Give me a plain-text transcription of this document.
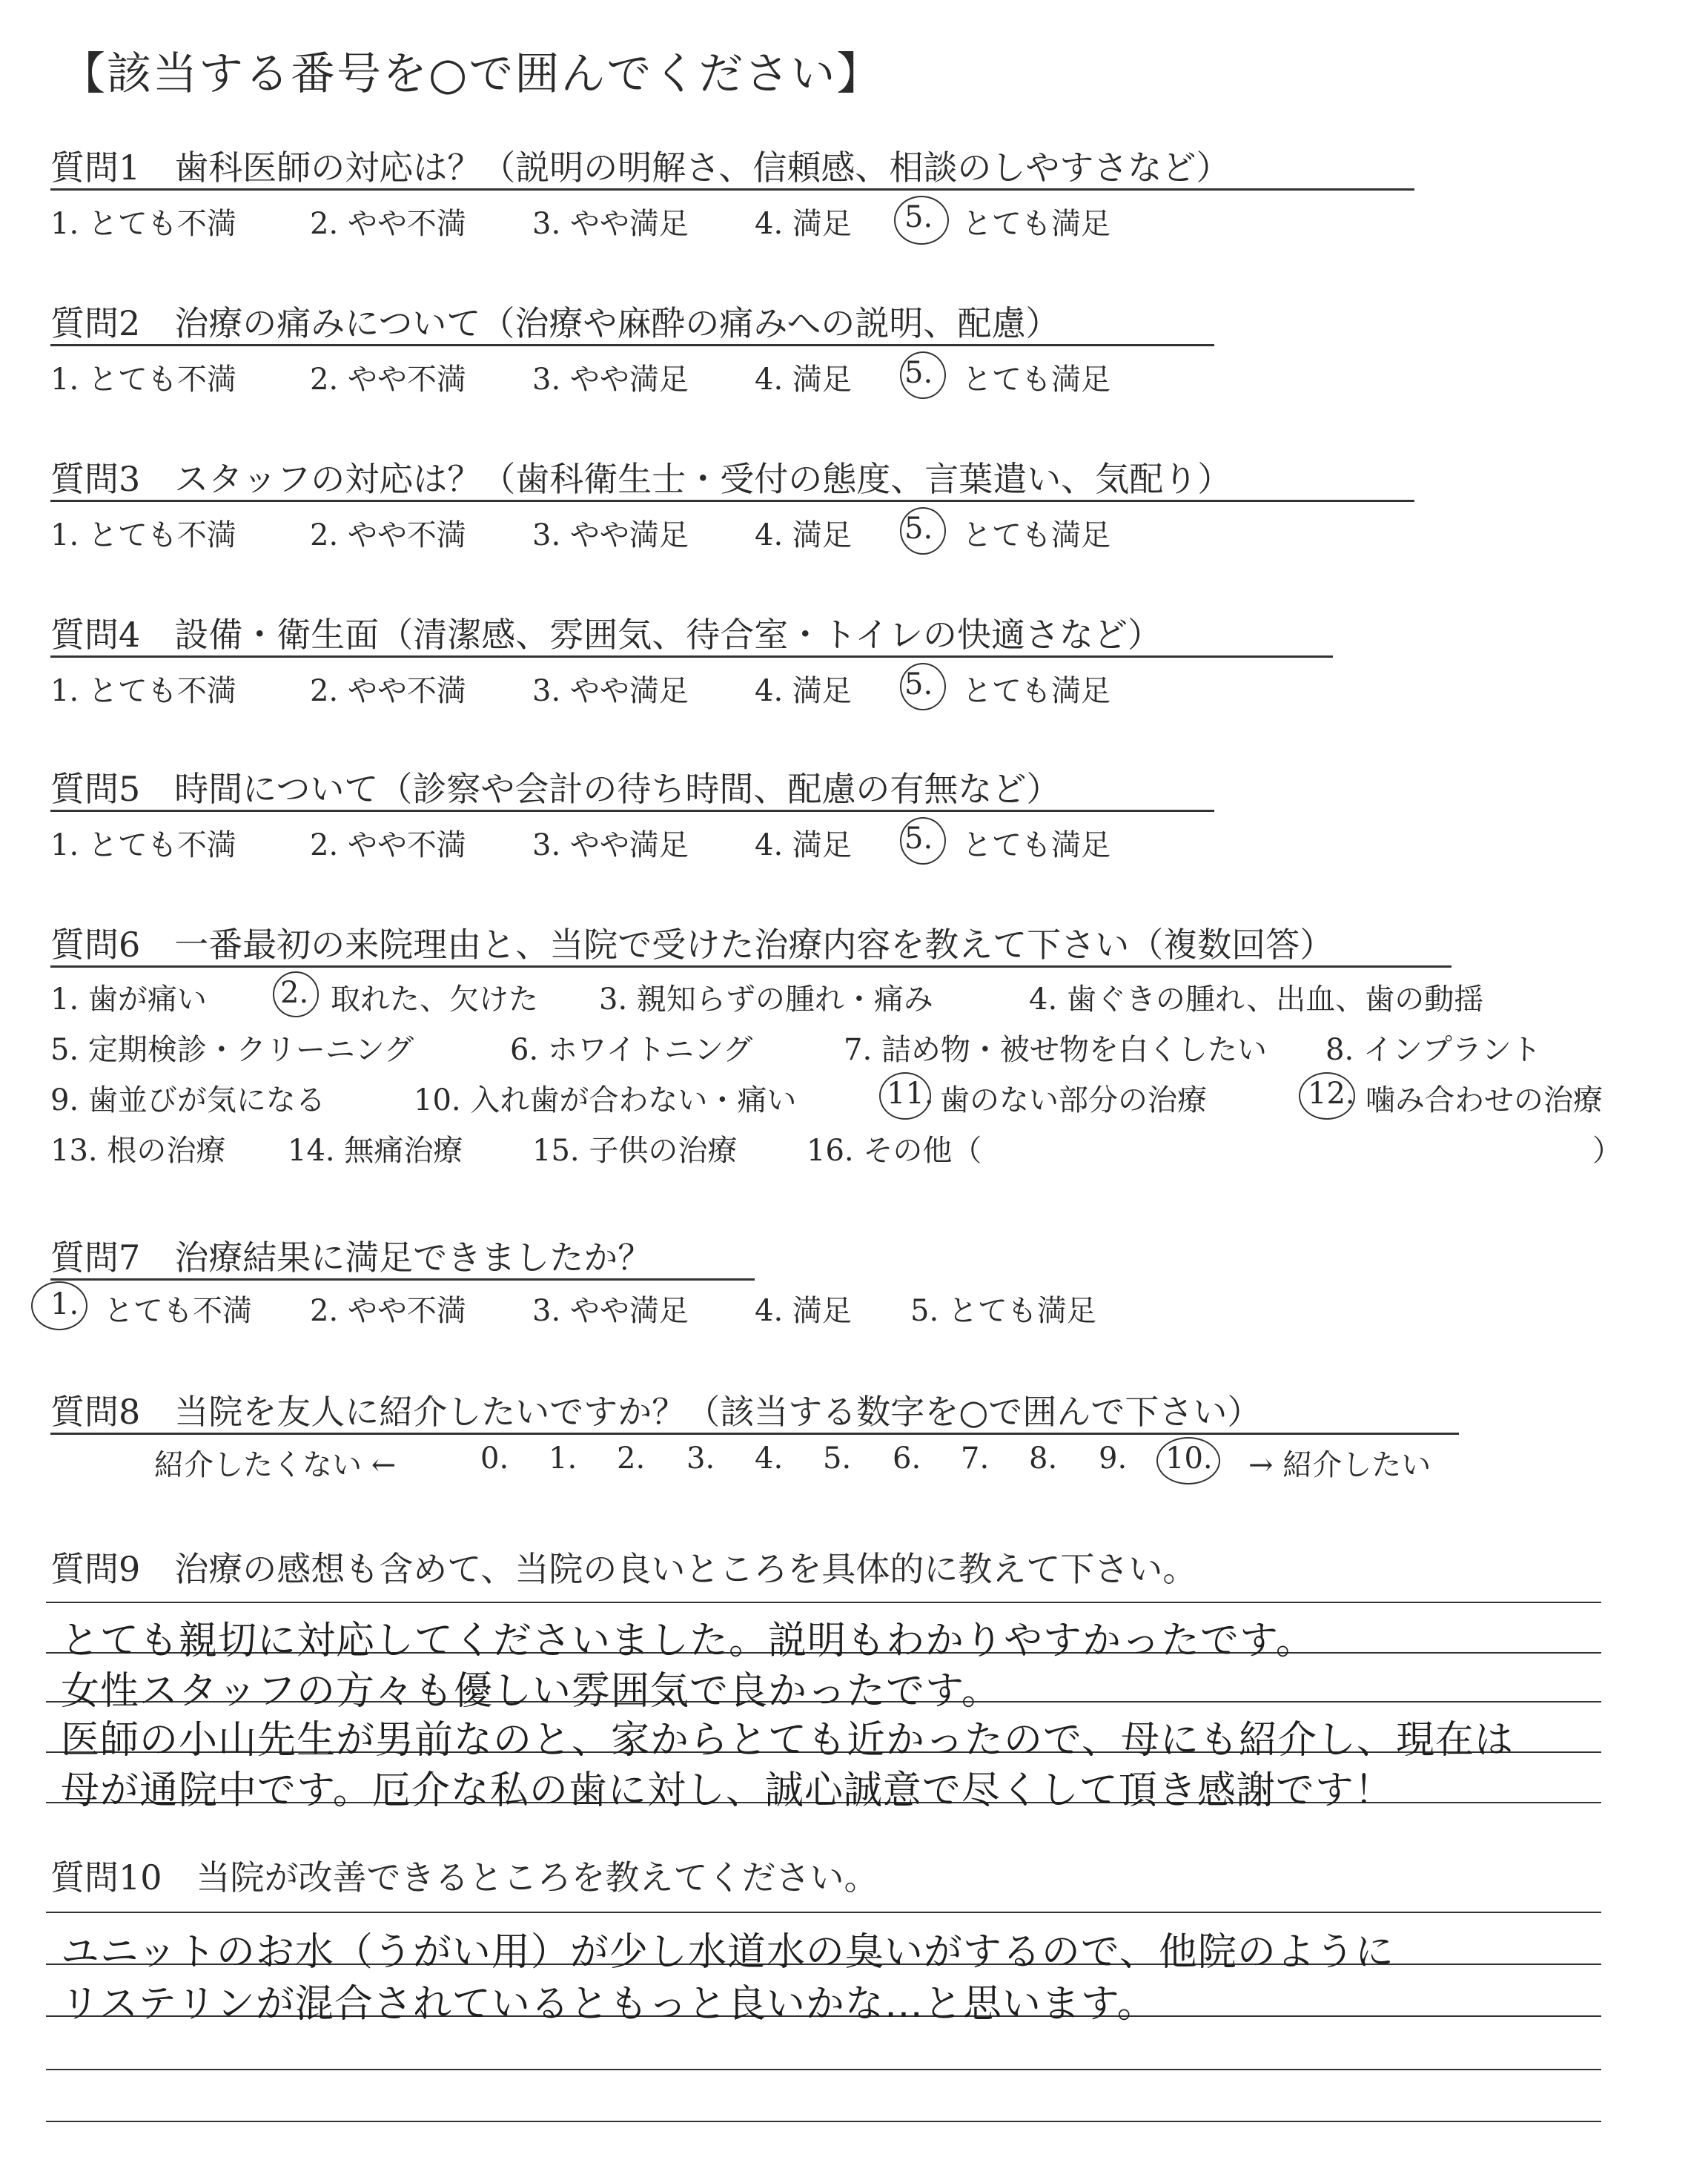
【該当する番号を○で囲んでください】
質問1　歯科医師の対応は？（説明の明解さ、信頼感、相談のしやすさなど）
1. とても不満 2. やや不満 3. やや満足 4. 満足 5. とても満足
質問2　治療の痛みについて（治療や麻酔の痛みへの説明、配慮）
1. とても不満 2. やや不満 3. やや満足 4. 満足 5. とても満足
質問3　スタッフの対応は？（歯科衛生士・受付の態度、言葉遣い、気配り）
1. とても不満 2. やや不満 3. やや満足 4. 満足 5. とても満足
質問4　設備・衛生面（清潔感、雰囲気、待合室・トイレの快適さなど）
1. とても不満 2. やや不満 3. やや満足 4. 満足 5. とても満足
質問5　時間について（診察や会計の待ち時間、配慮の有無など）
1. とても不満 2. やや不満 3. やや満足 4. 満足 5. とても満足
質問6　一番最初の来院理由と、当院で受けた治療内容を教えて下さい（複数回答）
1. 歯が痛い 2. 取れた、欠けた 3. 親知らずの腫れ・痛み	4. 歯ぐきの腫れ、出血、歯の動揺
5. 定期検診・クリーニング	6. ホワイトニング	7. 詰め物・被せ物を白くしたい 8. インプラント
9. 歯並びが気になる	10. 入れ歯が合わない・痛い	11. 歯のない部分の治療	12. 噛み合わせの治療
13. 根の治療 14. 無痛治療 15. 子供の治療 16. その他（	）
質問7　治療結果に満足できましたか？
1. とても不満 2. やや不満 3. やや満足 4. 満足 5. とても満足
質問8　当院を友人に紹介したいですか？（該当する数字を○で囲んで下さい）
紹介したくない ←	0. 1. 2. 3. 4. 5. 6. 7. 8. 9. 10. → 紹介したい
質問9　治療の感想も含めて、当院の良いところを具体的に教えて下さい。
とても親切に対応してくださいました。説明もわかりやすかったです。
女性スタッフの方々も優しい雰囲気で良かったです。
医師の小山先生が男前なのと、家からとても近かったので、母にも紹介し、現在は
母が通院中です。厄介な私の歯に対し、誠心誠意で尽くして頂き感謝です！
質問10　当院が改善できるところを教えてください。
ユニットのお水（うがい用）が少し水道水の臭いがするので、他院のように
リステリンが混合されているともっと良いかな…と思います。
